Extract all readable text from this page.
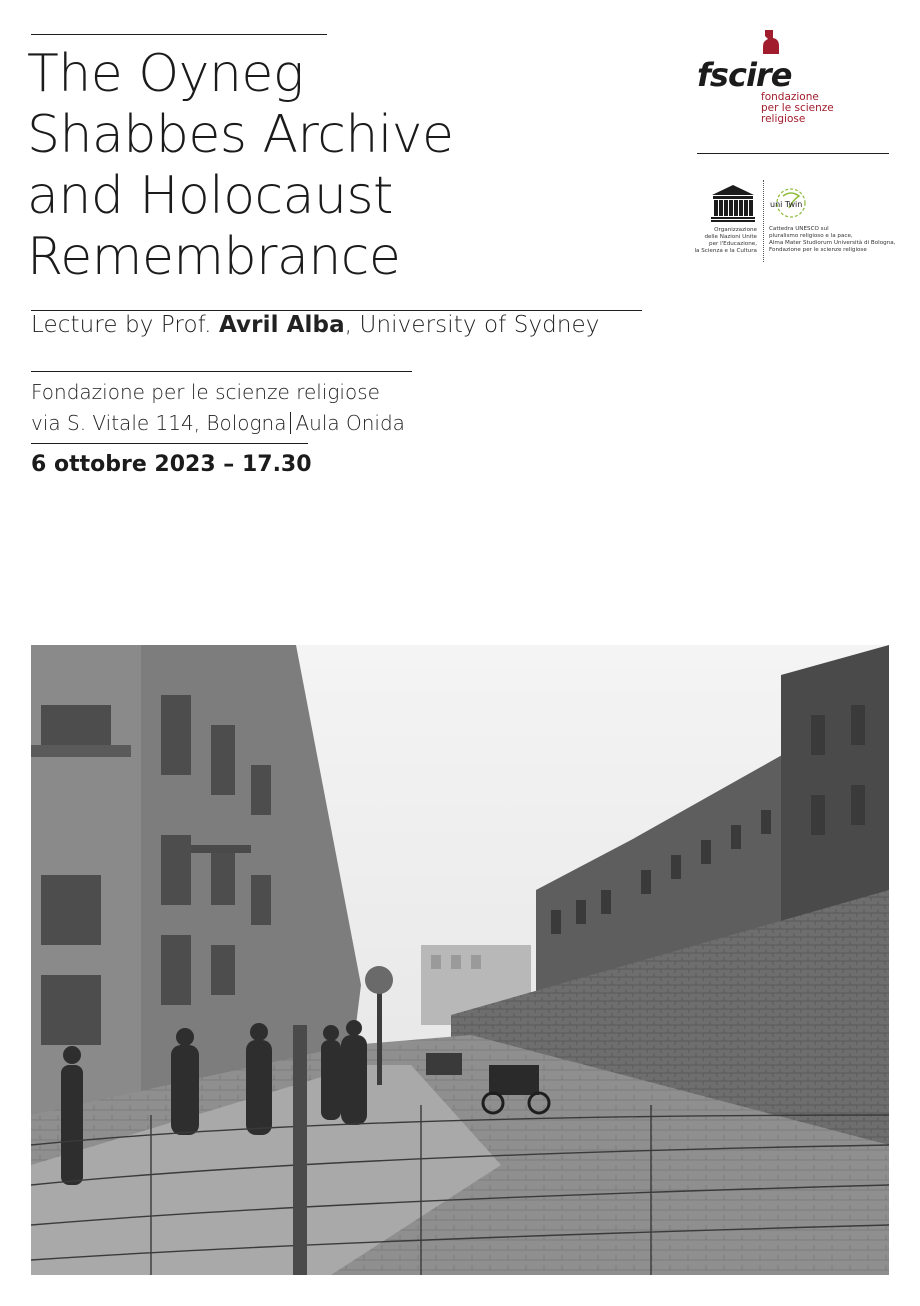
The Oyneg
Shabbes Archive
and Holocaust
Remembrance
Lecture by Prof. Avril Alba, University of Sydney
Fondazione per le scienze religiose
via S. Vitale 114, Bologna Aula Onida
6 ottobre 2023 – 17.30
fscire
fondazione
per le scienze
religiose
Organizzazione
delle Nazioni Unite
per l'Educazione,
la Scienza e la Cultura
uni Twin
Cattedra UNESCO sul
pluralismo religioso e la pace,
Alma Mater Studiorum Università di Bologna,
Fondazione per le scienze religiose
